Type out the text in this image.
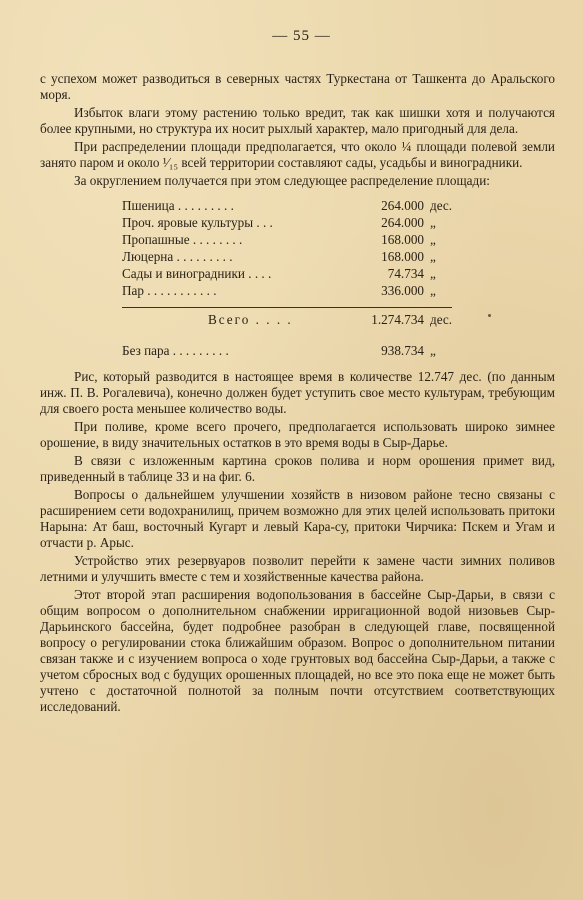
— 55 —

с успехом может разводиться в северных частях Туркестана от Ташкента до Аральского моря.

Избыток влаги этому растению только вредит, так как шишки хотя и получаются более крупными, но структура их носит рыхлый характер, мало пригодный для дела.

При распределении площади предполагается, что около ¼ площади полевой земли занято паром и около ¹⁄₁₅ всей территории составляют сады, усадьбы и виноградники.

За округлением получается при этом следующее распределение площади:

Пшеница . . . . . . . . .	264.000 дес.
Проч. яровые культуры . . .	264.000 „
Пропашные . . . . . . . .	168.000 „
Люцерна . . . . . . . . .	168.000 „
Сады и виноградники . . . .	74.734 „
Пар . . . . . . . . . . .	336.000 „
Всего . . . .	1.274.734 дес.
Без пара . . . . . . . . .	938.734 „

Рис, который разводится в настоящее время в количестве 12.747 дес. (по данным инж. П. В. Рогалевича), конечно должен будет уступить свое место культурам, требующим для своего роста меньшее количество воды.

При поливе, кроме всего прочего, предполагается использовать широко зимнее орошение, в виду значительных остатков в это время воды в Сыр-Дарье.

В связи с изложенным картина сроков полива и норм орошения примет вид, приведенный в таблице 33 и на фиг. 6.

Вопросы о дальнейшем улучшении хозяйств в низовом районе тесно связаны с расширением сети водохранилищ, причем возможно для этих целей использовать притоки Нарына: Ат баш, восточный Кугарт и левый Кара-су, притоки Чирчика: Пскем и Угам и отчасти р. Арыс.

Устройство этих резервуаров позволит перейти к замене части зимних поливов летними и улучшить вместе с тем и хозяйственные качества района.

Этот второй этап расширения водопользования в бассейне Сыр-Дарьи, в связи с общим вопросом о дополнительном снабжении ирригационной водой низовьев Сыр-Дарьинского бассейна, будет подробнее разобран в следующей главе, посвященной вопросу о регулировании стока ближайшим образом. Вопрос о дополнительном питании связан также и с изучением вопроса о ходе грунтовых вод бассейна Сыр-Дарьи, а также с учетом сбросных вод с будущих орошенных площадей, но все это пока еще не может быть учтено с достаточной полнотой за полным почти отсутствием соответствующих исследований.
